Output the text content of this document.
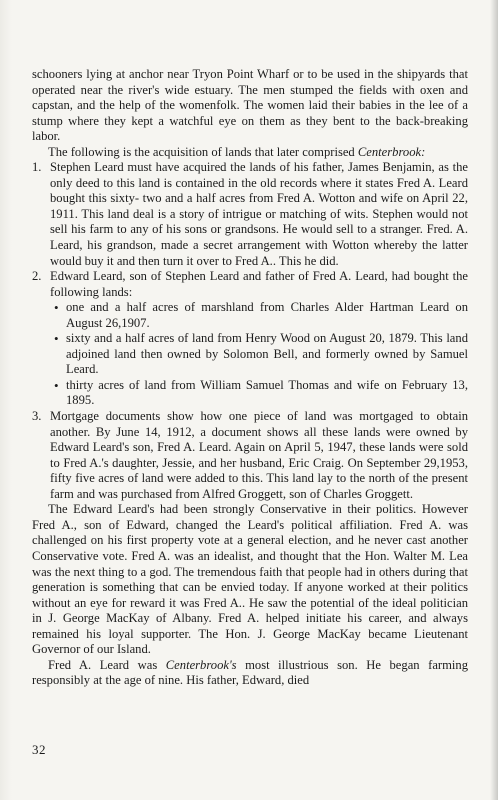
schooners lying at anchor near Tryon Point Wharf or to be used in the shipyards that operated near the river's wide estuary. The men stumped the fields with oxen and capstan, and the help of the womenfolk. The women laid their babies in the lee of a stump where they kept a watchful eye on them as they bent to the back-breaking labor.

The following is the acquisition of lands that later comprised Centerbrook:

1. Stephen Leard must have acquired the lands of his father, James Benjamin, as the only deed to this land is contained in the old records where it states Fred A. Leard bought this sixty- two and a half acres from Fred A. Wotton and wife on April 22, 1911. This land deal is a story of intrigue or matching of wits. Stephen would not sell his farm to any of his sons or grandsons. He would sell to a stranger. Fred. A. Leard, his grandson, made a secret arrangement with Wotton whereby the latter would buy it and then turn it over to Fred A.. This he did.
2. Edward Leard, son of Stephen Leard and father of Fred A. Leard, had bought the following lands:
• one and a half acres of marshland from Charles Alder Hartman Leard on August 26,1907.
• sixty and a half acres of land from Henry Wood on August 20, 1879. This land adjoined land then owned by Solomon Bell, and formerly owned by Samuel Leard.
• thirty acres of land from William Samuel Thomas and wife on February 13, 1895.
3. Mortgage documents show how one piece of land was mortgaged to obtain another. By June 14, 1912, a document shows all these lands were owned by Edward Leard's son, Fred A. Leard. Again on April 5, 1947, these lands were sold to Fred A.'s daughter, Jessie, and her husband, Eric Craig. On September 29,1953, fifty five acres of land were added to this. This land lay to the north of the present farm and was purchased from Alfred Groggett, son of Charles Groggett.

The Edward Leard's had been strongly Conservative in their politics. However Fred A., son of Edward, changed the Leard's political affiliation. Fred A. was challenged on his first property vote at a general election, and he never cast another Conservative vote. Fred A. was an idealist, and thought that the Hon. Walter M. Lea was the next thing to a god. The tremendous faith that people had in others during that generation is something that can be envied today. If anyone worked at their politics without an eye for reward it was Fred A.. He saw the potential of the ideal politician in J. George MacKay of Albany. Fred A. helped initiate his career, and always remained his loyal supporter. The Hon. J. George MacKay became Lieutenant Governor of our Island.

Fred A. Leard was Centerbrook's most illustrious son. He began farming responsibly at the age of nine. His father, Edward, died

32
